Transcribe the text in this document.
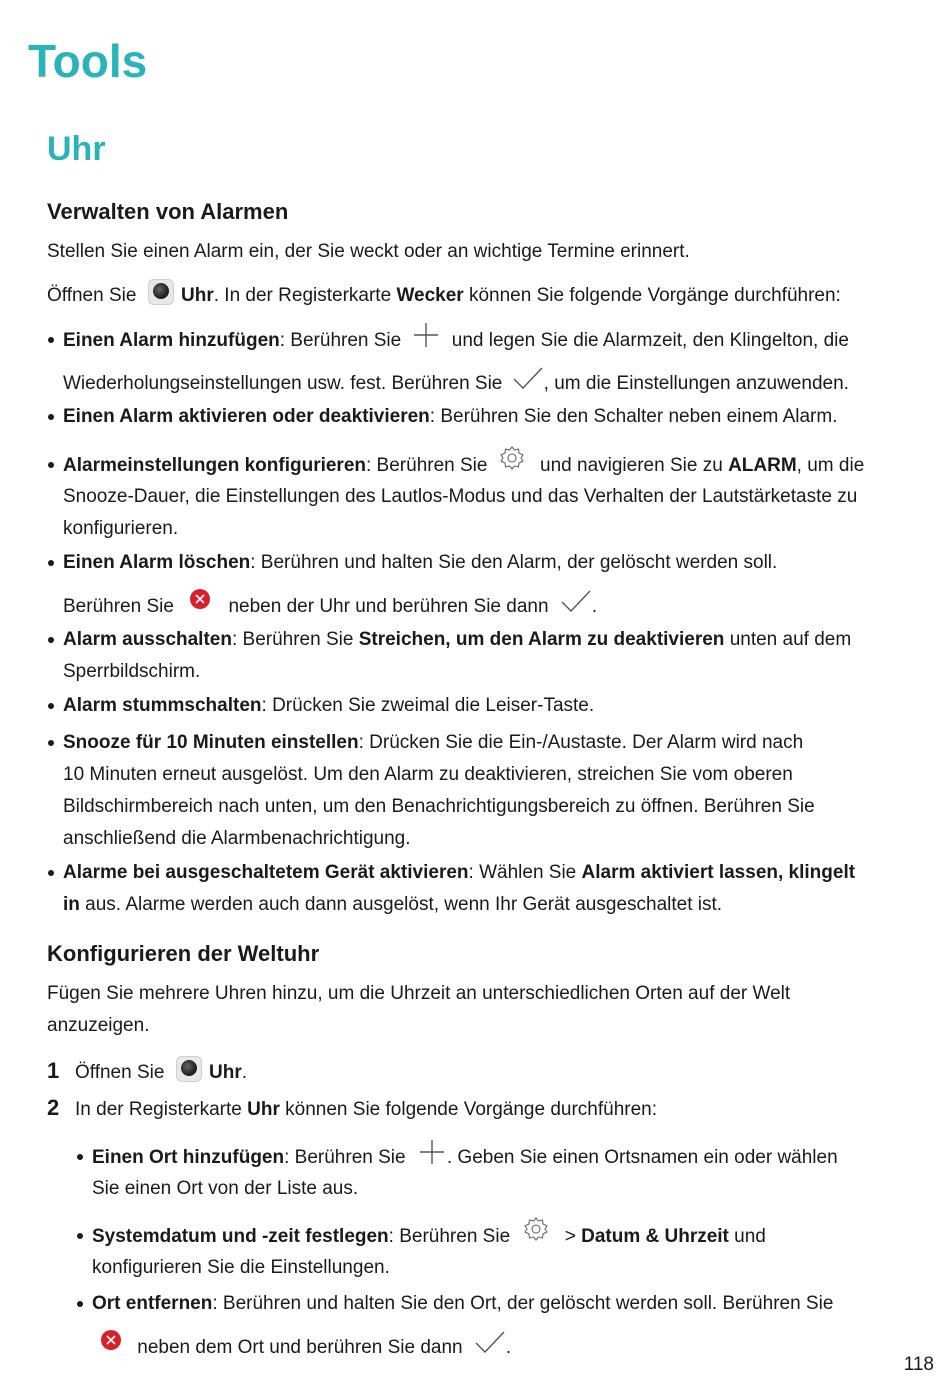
Tools
Uhr
Verwalten von Alarmen
Stellen Sie einen Alarm ein, der Sie weckt oder an wichtige Termine erinnert.
Öffnen Sie Uhr. In der Registerkarte Wecker können Sie folgende Vorgänge durchführen:
Einen Alarm hinzufügen: Berühren Sie	und legen Sie die Alarmzeit, den Klingelton, die
Wiederholungseinstellungen usw. fest. Berühren Sie , um die Einstellungen anzuwenden.
Einen Alarm aktivieren oder deaktivieren: Berühren Sie den Schalter neben einem Alarm.
Alarmeinstellungen konfigurieren: Berühren Sie	und navigieren Sie zu ALARM, um die
Snooze-Dauer, die Einstellungen des Lautlos-Modus und das Verhalten der Lautstärketaste zu
konfigurieren.
Einen Alarm löschen: Berühren und halten Sie den Alarm, der gelöscht werden soll.
Berühren Sie	neben der Uhr und berühren Sie dann .
Alarm ausschalten: Berühren Sie Streichen, um den Alarm zu deaktivieren unten auf dem
Sperrbildschirm.
Alarm stummschalten: Drücken Sie zweimal die Leiser-Taste.
Snooze für 10 Minuten einstellen: Drücken Sie die Ein-/Austaste. Der Alarm wird nach
10 Minuten erneut ausgelöst. Um den Alarm zu deaktivieren, streichen Sie vom oberen
Bildschirmbereich nach unten, um den Benachrichtigungsbereich zu öffnen. Berühren Sie
anschließend die Alarmbenachrichtigung.
Alarme bei ausgeschaltetem Gerät aktivieren: Wählen Sie Alarm aktiviert lassen, klingelt
in aus. Alarme werden auch dann ausgelöst, wenn Ihr Gerät ausgeschaltet ist.
Konfigurieren der Weltuhr
Fügen Sie mehrere Uhren hinzu, um die Uhrzeit an unterschiedlichen Orten auf der Welt
anzuzeigen.
1 Öffnen Sie Uhr.
2 In der Registerkarte Uhr können Sie folgende Vorgänge durchführen:
Einen Ort hinzufügen: Berühren Sie . Geben Sie einen Ortsnamen ein oder wählen
Sie einen Ort von der Liste aus.
Systemdatum und -zeit festlegen: Berühren Sie	> Datum & Uhrzeit und
konfigurieren Sie die Einstellungen.
Ort entfernen: Berühren und halten Sie den Ort, der gelöscht werden soll. Berühren Sie
neben dem Ort und berühren Sie dann .
118
